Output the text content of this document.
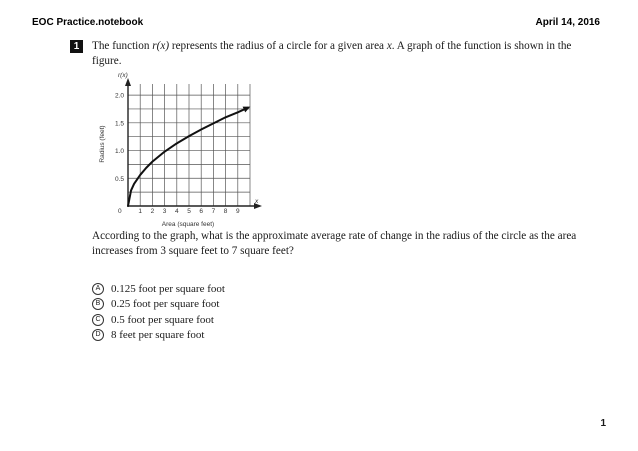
EOC Practice.notebook	April 14, 2016
1	The function r(x) represents the radius of a circle for a given area x. A graph of the function is shown in the figure.
r(x)
x
0
Radius (feet)
Area (square feet)
1 2 3 4 5 6 7 8 9
0.5
1.0
1.5
2.0
According to the graph, what is the approximate average rate of change in the radius of the circle as the area increases from 3 square feet to 7 square feet?
A 0.125 foot per square foot
B 0.25 foot per square foot
C 0.5 foot per square foot
D 8 feet per square foot
1
